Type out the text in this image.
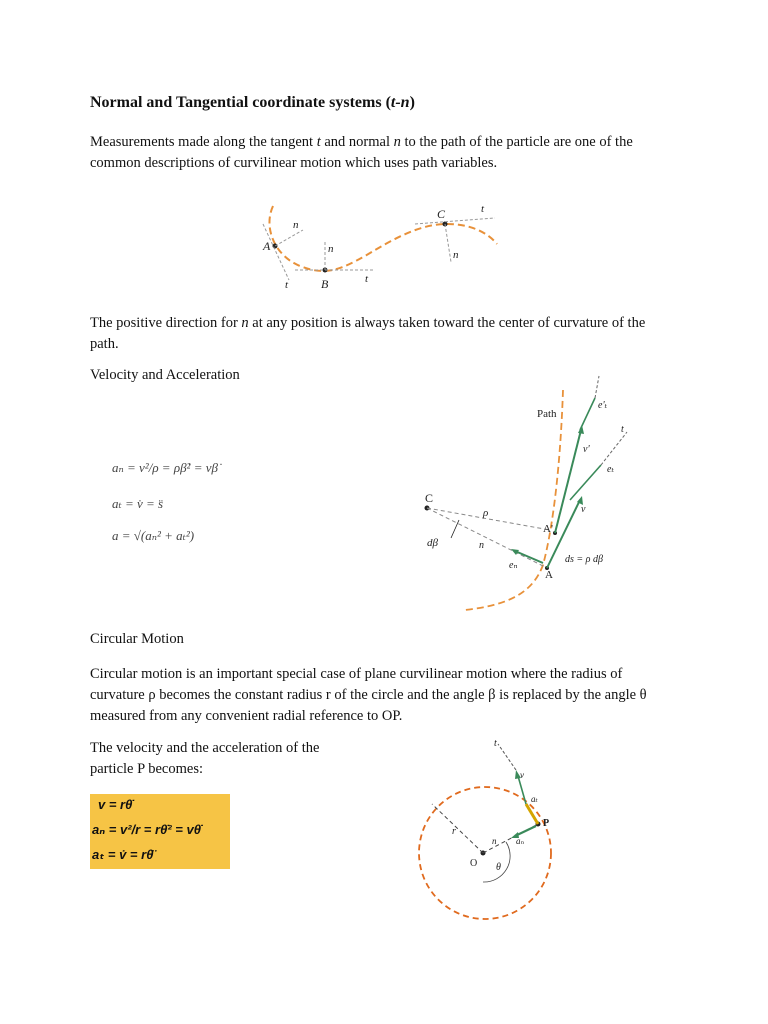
Normal and Tangential coordinate systems (t-n)
Measurements made along the tangent t and normal n to the path of the particle are one of the
common descriptions of curvilinear motion which uses path variables.
A
n
t	B
n
t
C	t
n
The positive direction for n at any position is always taken toward the center of curvature of the
path.
Velocity and Acceleration
aₙ = v²/ρ = ρβ̇² = vβ̇
aₜ = v̇ = s̈
a = √(aₙ² + aₜ²)
Path
C
ρ
n
dβ
A
A'
ds = ρ dβ
eₙ
v
v'
eₜ
e'ₜ
t
Circular Motion
Circular motion is an important special case of plane curvilinear motion where the radius of
curvature ρ becomes the constant radius r of the circle and the angle β is replaced by the angle θ
measured from any convenient radial reference to OP.
The velocity and the acceleration of the
particle P becomes:
v = rθ̇
aₙ = v²/r = rθ̇² = vθ̇
aₜ = v̇ = rθ̈
O
r
n
θ
P
aₙ
aₜ
v
t
